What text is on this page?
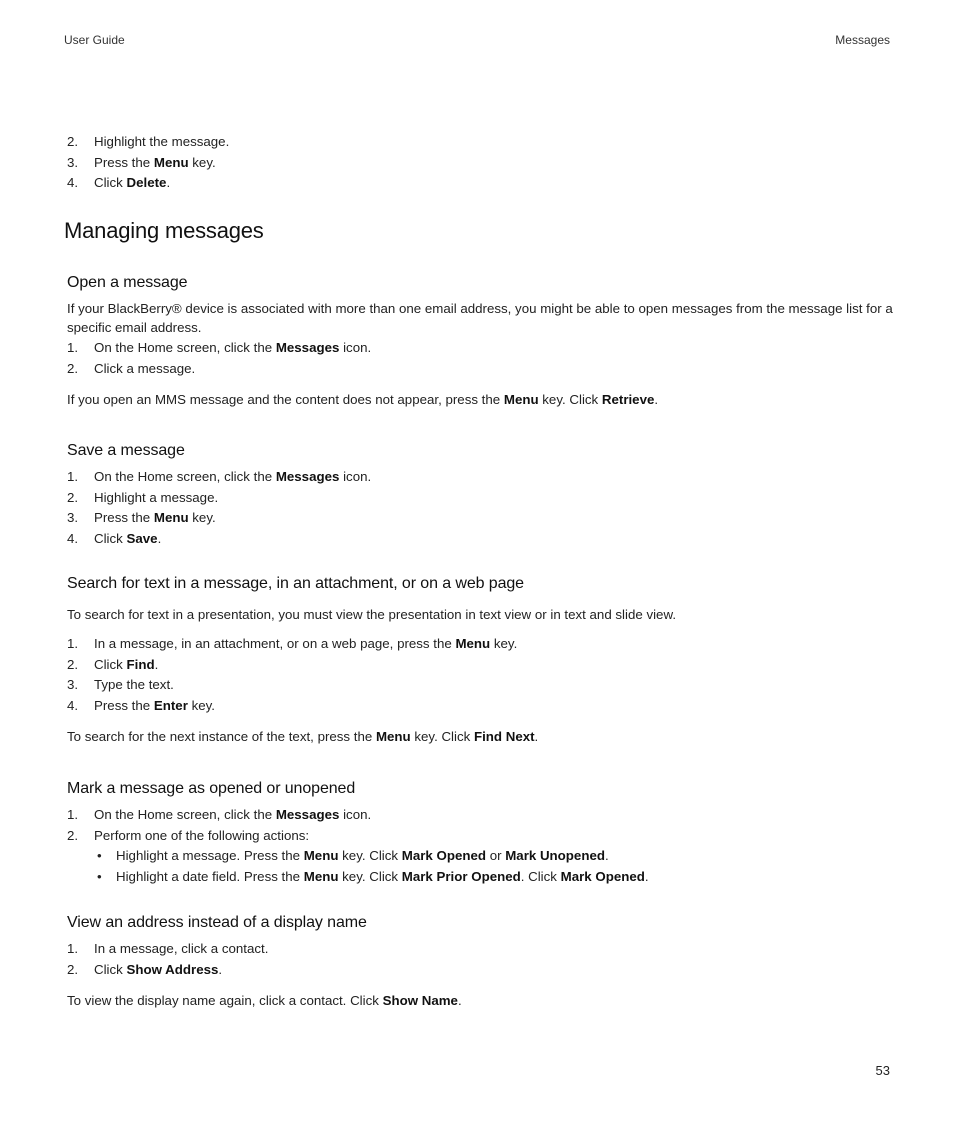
User Guide	Messages
2.	Highlight the message.
3.	Press the Menu key.
4.	Click Delete.
Managing messages
Open a message

If your BlackBerry® device is associated with more than one email address, you might be able to open messages from the message list for a specific email address.

1.	On the Home screen, click the Messages icon.
2.	Click a message.

If you open an MMS message and the content does not appear, press the Menu key. Click Retrieve.

Save a message
1.	On the Home screen, click the Messages icon.
2.	Highlight a message.
3.	Press the Menu key.
4.	Click Save.
Search for text in a message, in an attachment, or on a web page

To search for text in a presentation, you must view the presentation in text view or in text and slide view.

1.	In a message, in an attachment, or on a web page, press the Menu key.
2.	Click Find.
3.	Type the text.
4.	Press the Enter key.

To search for the next instance of the text, press the Menu key. Click Find Next.

Mark a message as opened or unopened
1.	On the Home screen, click the Messages icon.
2.	Perform one of the following actions:
• Highlight a message. Press the Menu key. Click Mark Opened or Mark Unopened.
• Highlight a date field. Press the Menu key. Click Mark Prior Opened. Click Mark Opened.
View an address instead of a display name
1.	In a message, click a contact.
2.	Click Show Address.

To view the display name again, click a contact. Click Show Name.

53
